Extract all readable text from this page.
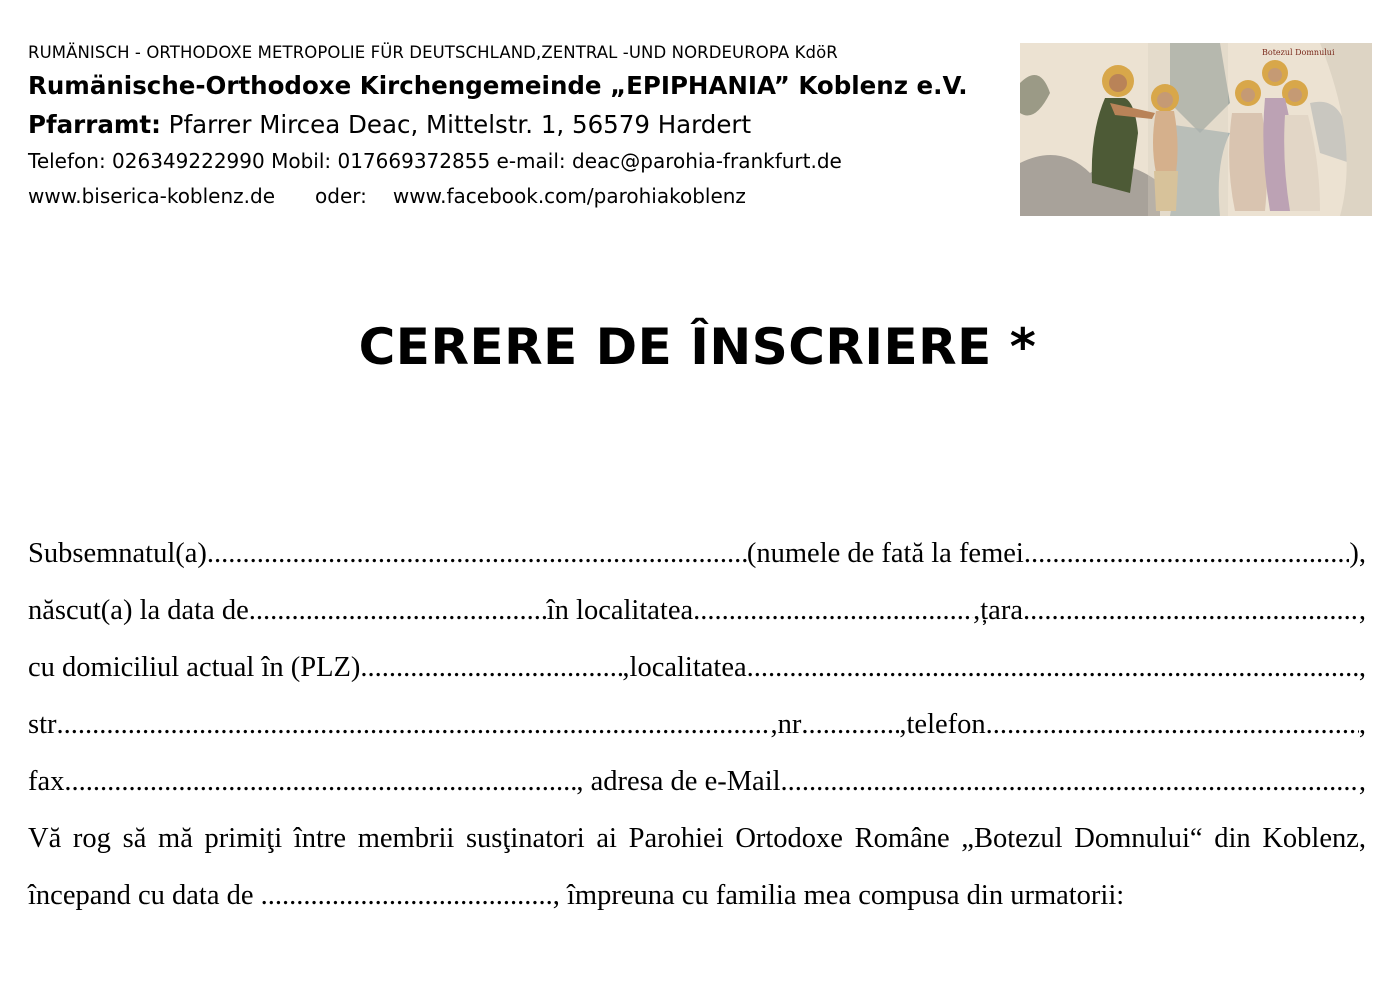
RUMÄNISCH - ORTHODOXE METROPOLIE FÜR DEUTSCHLAND,ZENTRAL -UND NORDEUROPA KdöR
Rumänische-Orthodoxe Kirchengemeinde „EPIPHANIA” Koblenz e.V.
Pfarramt: Pfarrer Mircea Deac, Mittelstr. 1, 56579 Hardert
Telefon: 026349222990 Mobil: 017669372855 e-mail: deac@parohia-frankfurt.de
www.biserica-koblenz.de oder: www.facebook.com/parohiakoblenz
Botezul Domnului
CERERE DE ÎNSCRIERE *
Subsemnatul(a) .....	(numele de fată la femei .....	),
născut(a) la data de .....	în localitatea .....	,țara .....	,
cu domiciliul actual în (PLZ) .....	,localitatea .....	,
str .....	,nr .....	,telefon .....	,
fax .....	, adresa de e-Mail .....	,
Vă rog să mă primiţi între membrii susţinatori ai Parohiei Ortodoxe Române „Botezul Domnului“ din Koblenz, începand cu data de ........................................., împreuna cu familia mea compusa din urmatorii:
